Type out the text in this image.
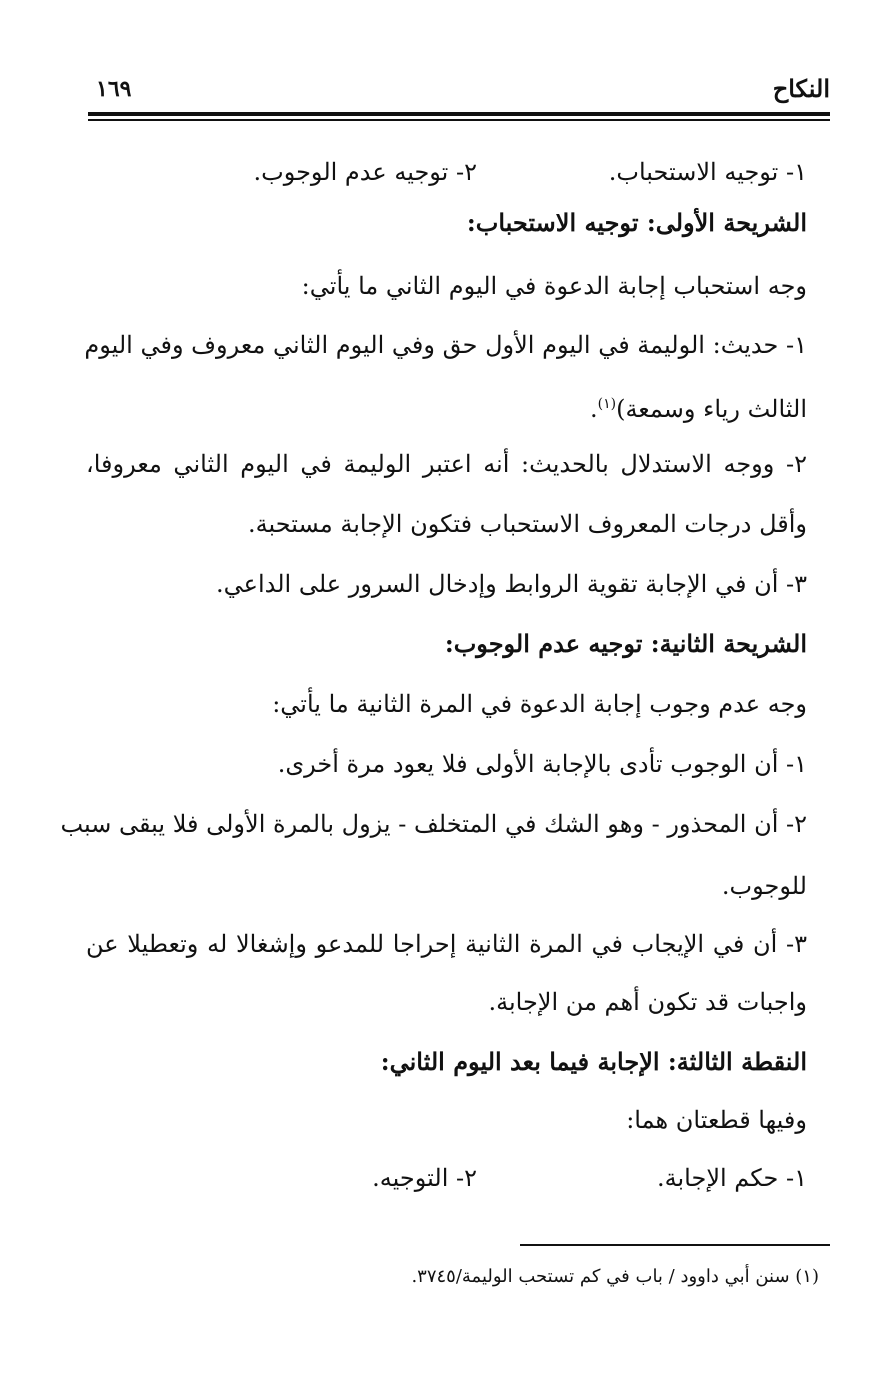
النكاح
١٦٩
١- توجيه الاستحباب.
٢- توجيه عدم الوجوب.
الشريحة الأولى: توجيه الاستحباب:
وجه استحباب إجابة الدعوة في اليوم الثاني ما يأتي:
١- حديث: الوليمة في اليوم الأول حق وفي اليوم الثاني معروف وفي اليوم
الثالث رياء وسمعة)$^{(١)}$.
٢- ووجه الاستدلال بالحديث: أنه اعتبر الوليمة في اليوم الثاني معروفا،
وأقل درجات المعروف الاستحباب فتكون الإجابة مستحبة.
٣- أن في الإجابة تقوية الروابط وإدخال السرور على الداعي.
الشريحة الثانية: توجيه عدم الوجوب:
وجه عدم وجوب إجابة الدعوة في المرة الثانية ما يأتي:
١- أن الوجوب تأدى بالإجابة الأولى فلا يعود مرة أخرى.
٢- أن المحذور - وهو الشك في المتخلف - يزول بالمرة الأولى فلا يبقى سبب
للوجوب.
٣- أن في الإيجاب في المرة الثانية إحراجا للمدعو وإشغالا له وتعطيلا عن
واجبات قد تكون أهم من الإجابة.
النقطة الثالثة: الإجابة فيما بعد اليوم الثاني:
وفيها قطعتان هما:
١- حكم الإجابة.
٢- التوجيه.
(١) سنن أبي داوود / باب في كم تستحب الوليمة/٣٧٤٥.
